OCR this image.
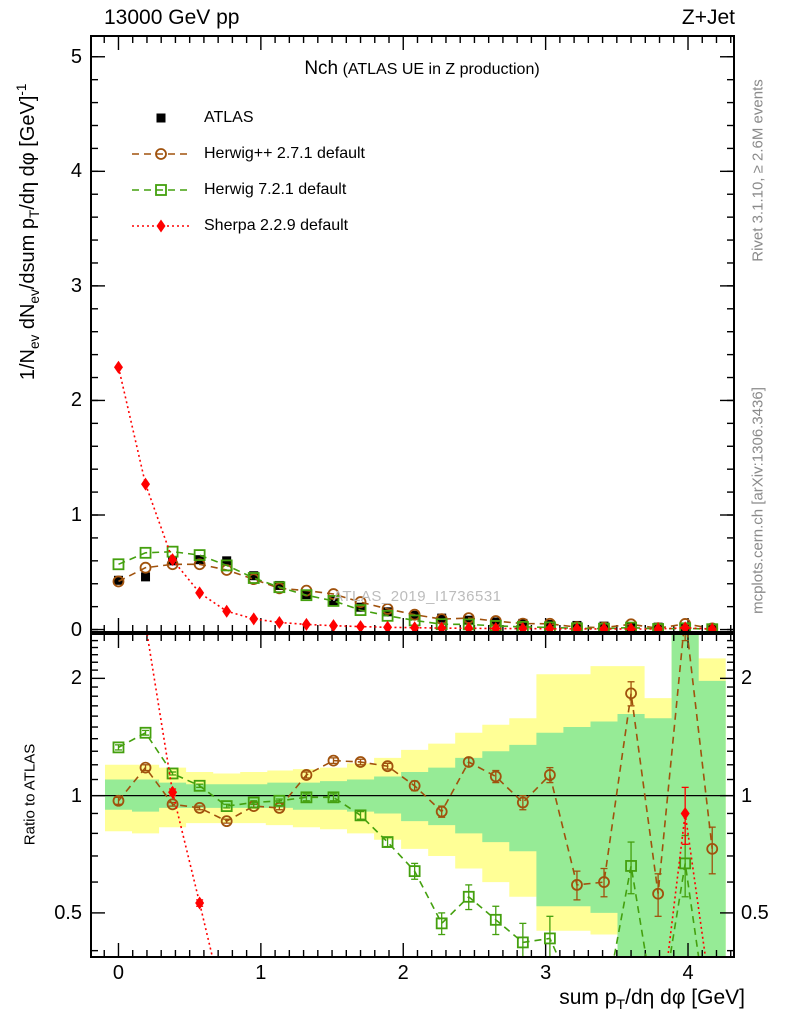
13000 GeV pp	Z+Jet
Nch (ATLAS UE in Z production)
ATLAS
Herwig++ 2.7.1 default
Herwig 7.2.1 default
Sherpa 2.2.9 default
ATLAS_2019_I1736531
$1/N_{ev}$ $dN_{ev}$/dsum $p_T/d\eta$ dφ [GeV]$^{-1}$
Ratio to ATLAS
Rivet 3.1.10, ≥ 2.6M events
mcplots.cern.ch [arXiv:1306.3436]
sum $p_T/d\eta$ dφ [GeV]
0
1
2
3
4
5
0.5	0.5
1	1
2	2
0	1	2	3	4
